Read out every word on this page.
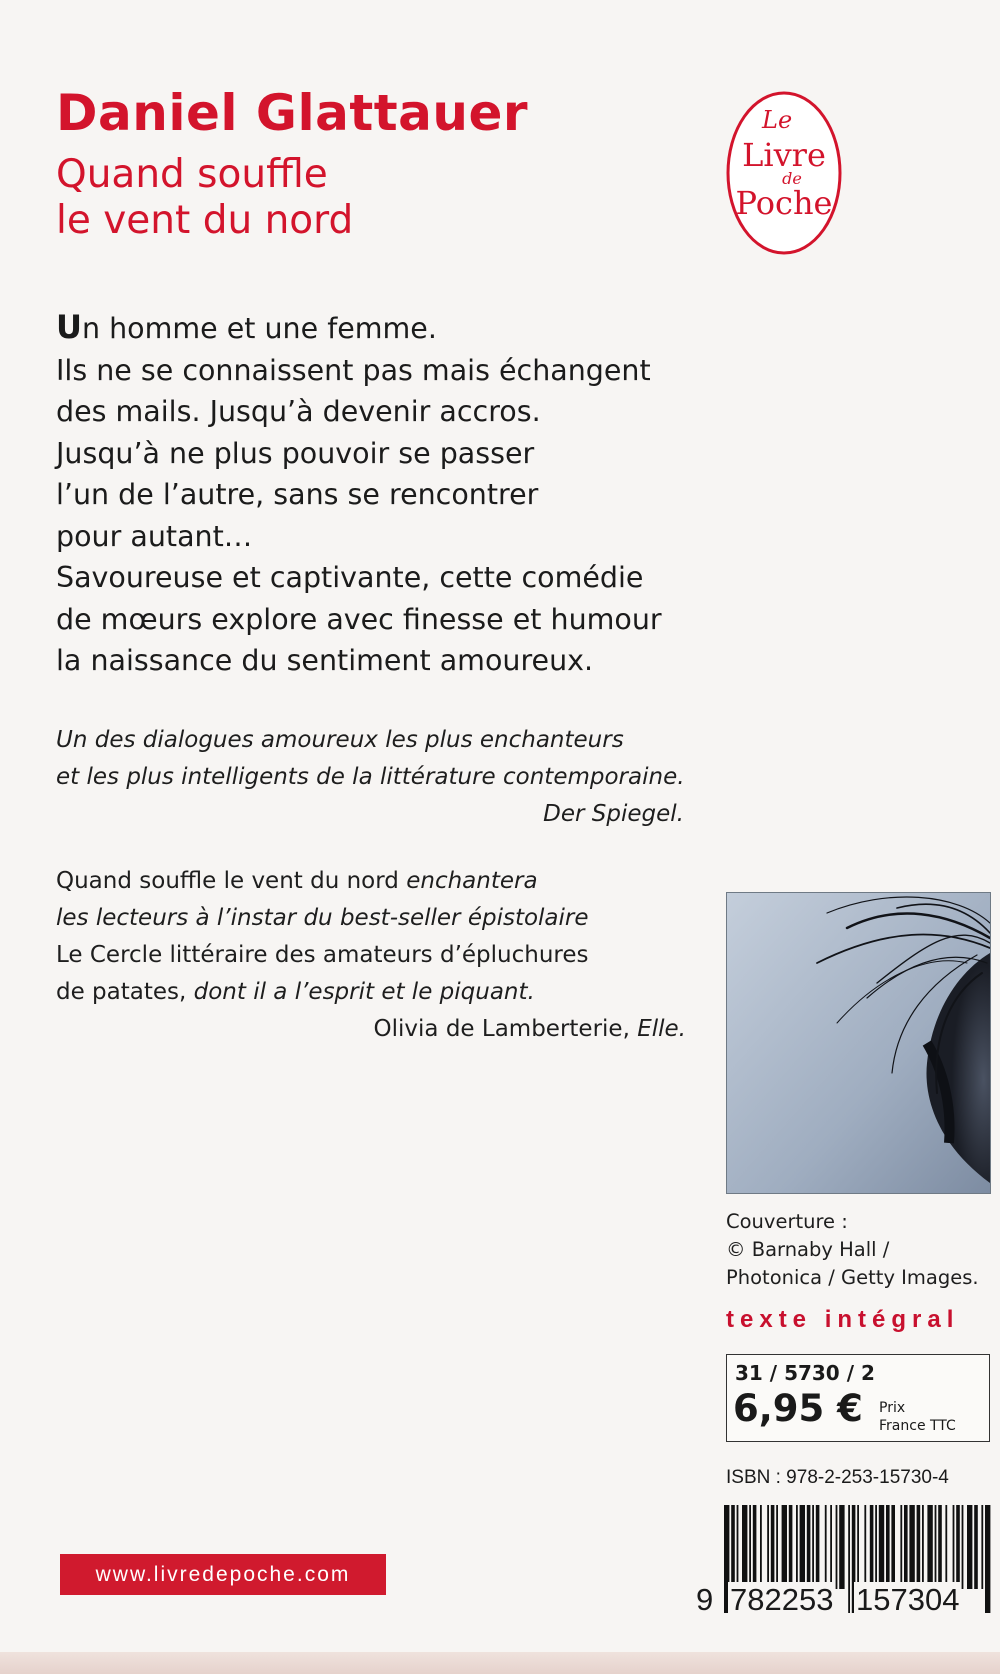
Daniel Glattauer
Quand souffle
le vent du nord
Le
Livre
de
Poche
Un homme et une femme.
Ils ne se connaissent pas mais échangent
des mails. Jusqu’à devenir accros.
Jusqu’à ne plus pouvoir se passer
l’un de l’autre, sans se rencontrer
pour autant…
Savoureuse et captivante, cette comédie
de mœurs explore avec finesse et humour
la naissance du sentiment amoureux.
Un des dialogues amoureux les plus enchanteurs
et les plus intelligents de la littérature contemporaine.
Der Spiegel.
Quand souffle le vent du nord enchantera
les lecteurs à l’instar du best-seller épistolaire
Le Cercle littéraire des amateurs d’épluchures
de patates, dont il a l’esprit et le piquant.
Olivia de Lamberterie, Elle.
Couverture :
© Barnaby Hall /
Photonica / Getty Images.
texte intégral
31 / 5730 / 2
6,95 € Prix
France TTC
ISBN : 978-2-253-15730-4
9 782253 157304
www.livredepoche.com
